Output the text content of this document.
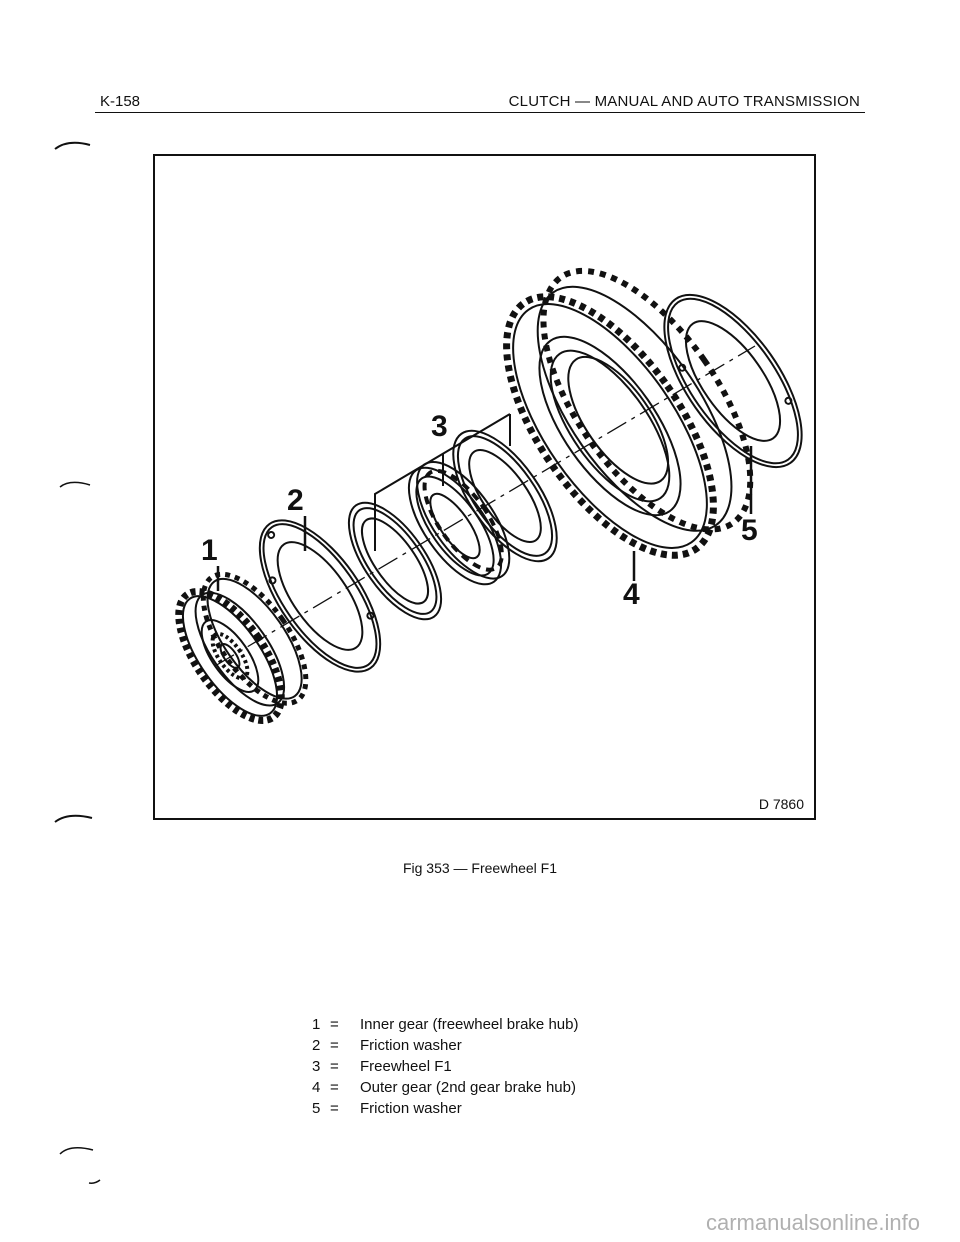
K-158	CLUTCH — MANUAL AND AUTO TRANSMISSION
1
2
3
4
5
D 7860
Fig 353 — Freewheel F1
1 =	Inner gear (freewheel brake hub)
2 =	Friction washer
3 =	Freewheel F1
4 =	Outer gear (2nd gear brake hub)
5 =	Friction washer
carmanualsonline.info
